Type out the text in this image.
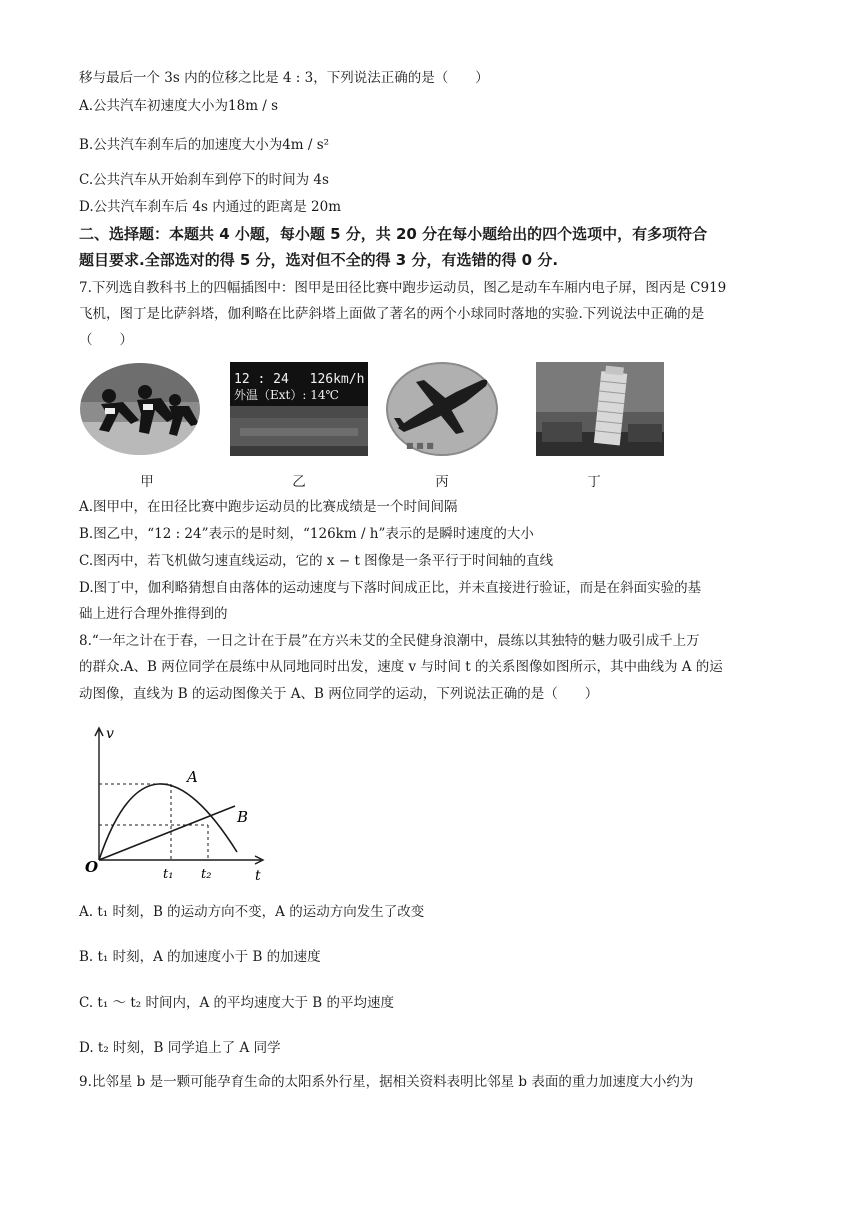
移与最后一个 3s 内的位移之比是 4 : 3，下列说法正确的是（　　）
A.公共汽车初速度大小为18m / s
B.公共汽车刹车后的加速度大小为4m / s²
C.公共汽车从开始刹车到停下的时间为 4s
D.公共汽车刹车后 4s 内通过的距离是 20m
二、选择题：本题共 4 小题，每小题 5 分，共 20 分在每小题给出的四个选项中，有多项符合
题目要求.全部选对的得 5 分，选对但不全的得 3 分，有选错的得 0 分.
7.下列选自教科书上的四幅插图中：图甲是田径比赛中跑步运动员，图乙是动车车厢内电子屏，图丙是 C919
飞机，图丁是比萨斜塔，伽利略在比萨斜塔上面做了著名的两个小球同时落地的实验.下列说法中正确的是
（　　）
12 : 24　 126km/h
外温（Ext）: 14℃
■ ■ ■
甲	乙	丙	丁
A.图甲中，在田径比赛中跑步运动员的比赛成绩是一个时间间隔
B.图乙中，“12 : 24”表示的是时刻，“126km / h”表示的是瞬时速度的大小
C.图丙中，若飞机做匀速直线运动，它的 x − t 图像是一条平行于时间轴的直线
D.图丁中，伽利略猜想自由落体的运动速度与下落时间成正比，并未直接进行验证，而是在斜面实验的基
础上进行合理外推得到的
8.“一年之计在于春，一日之计在于晨”在方兴未艾的全民健身浪潮中，晨练以其独特的魅力吸引成千上万
的群众.A、B 两位同学在晨练中从同地同时出发，速度 v 与时间 t 的关系图像如图所示，其中曲线为 A 的运
动图像，直线为 B 的运动图像关于 A、B 两位同学的运动，下列说法正确的是（　　）
v
t
O
A
B
t₁ t₂
A. t₁ 时刻，B 的运动方向不变，A 的运动方向发生了改变
B. t₁ 时刻，A 的加速度小于 B 的加速度
C. t₁ ～ t₂ 时间内，A 的平均速度大于 B 的平均速度
D. t₂ 时刻，B 同学追上了 A 同学
9.比邻星 b 是一颗可能孕育生命的太阳系外行星，据相关资料表明比邻星 b 表面的重力加速度大小约为
